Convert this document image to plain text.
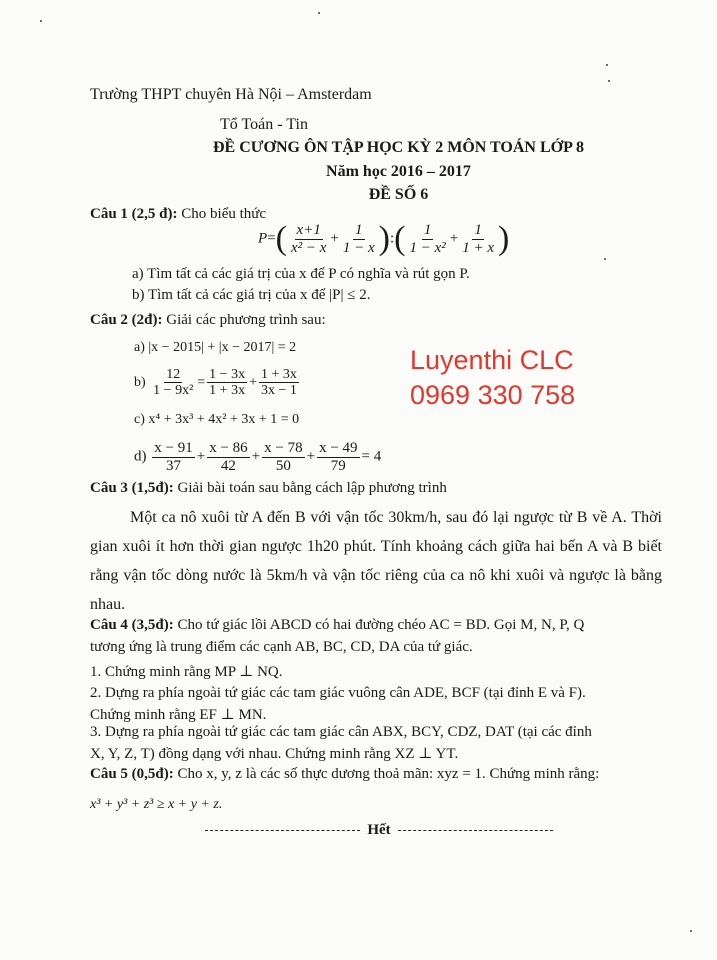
Trường THPT chuyên Hà Nội – Amsterdam
Tổ Toán - Tin
ĐỀ CƯƠNG ÔN TẬP HỌC KỲ 2 MÔN TOÁN LỚP 8
Năm học 2016 – 2017
ĐỀ SỐ 6
Câu 1 (2,5 đ): Cho biểu thức
$P=( \frac{x+1}{\text{x² − x}} + \frac{1}{1 - x}$ ):( $\frac{1}{\text{1 − x²}} + \frac{1}{1 + x}$ )
a) Tìm tất cả các giá trị của x để P có nghĩa và rút gọn P.
b) Tìm tất cả các giá trị của x để |P| ≤ 2.
Câu 2 (2đ): Giải các phương trình sau:
a) |x − 2015| + |x − 2017| = 2
$b) \frac{12}{\text{1 − 9x²}} = \frac{1 - 3x}{1 + 3x} + \frac{1 + 3x}{3x - 1}$
c) x⁴ + 3x³ + 4x² + 3x + 1 = 0
$d) \frac{x - 91}{37} + \frac{x - 86}{42} + \frac{x - 78}{50} + \frac{x - 49}{79} = 4$
Luyenthi CLC
0969 330 758
Câu 3 (1,5đ): Giải bài toán sau bằng cách lập phương trình
Một ca nô xuôi từ A đến B với vận tốc 30km/h, sau đó lại ngược từ B về A. Thời gian xuôi ít hơn thời gian ngược 1h20 phút. Tính khoảng cách giữa hai bến A và B biết rằng vận tốc dòng nước là 5km/h và vận tốc riêng của ca nô khi xuôi và ngược là bằng nhau.
Câu 4 (3,5đ): Cho tứ giác lồi ABCD có hai đường chéo AC = BD. Gọi M, N, P, Q
tương ứng là trung điểm các cạnh AB, BC, CD, DA của tứ giác.
1. Chứng minh rằng MP ⊥ NQ.
2. Dựng ra phía ngoài tứ giác các tam giác vuông cân ADE, BCF (tại đỉnh E và F).
Chứng minh rằng EF ⊥ MN.
3. Dựng ra phía ngoài tứ giác các tam giác cân ABX, BCY, CDZ, DAT (tại các đỉnh
X, Y, Z, T) đồng dạng với nhau. Chứng minh rằng XZ ⊥ YT.
Câu 5 (0,5đ): Cho x, y, z là các số thực dương thoả mãn: xyz = 1. Chứng minh rằng:
x³ + y³ + z³ ≥ x + y + z.
Hết
